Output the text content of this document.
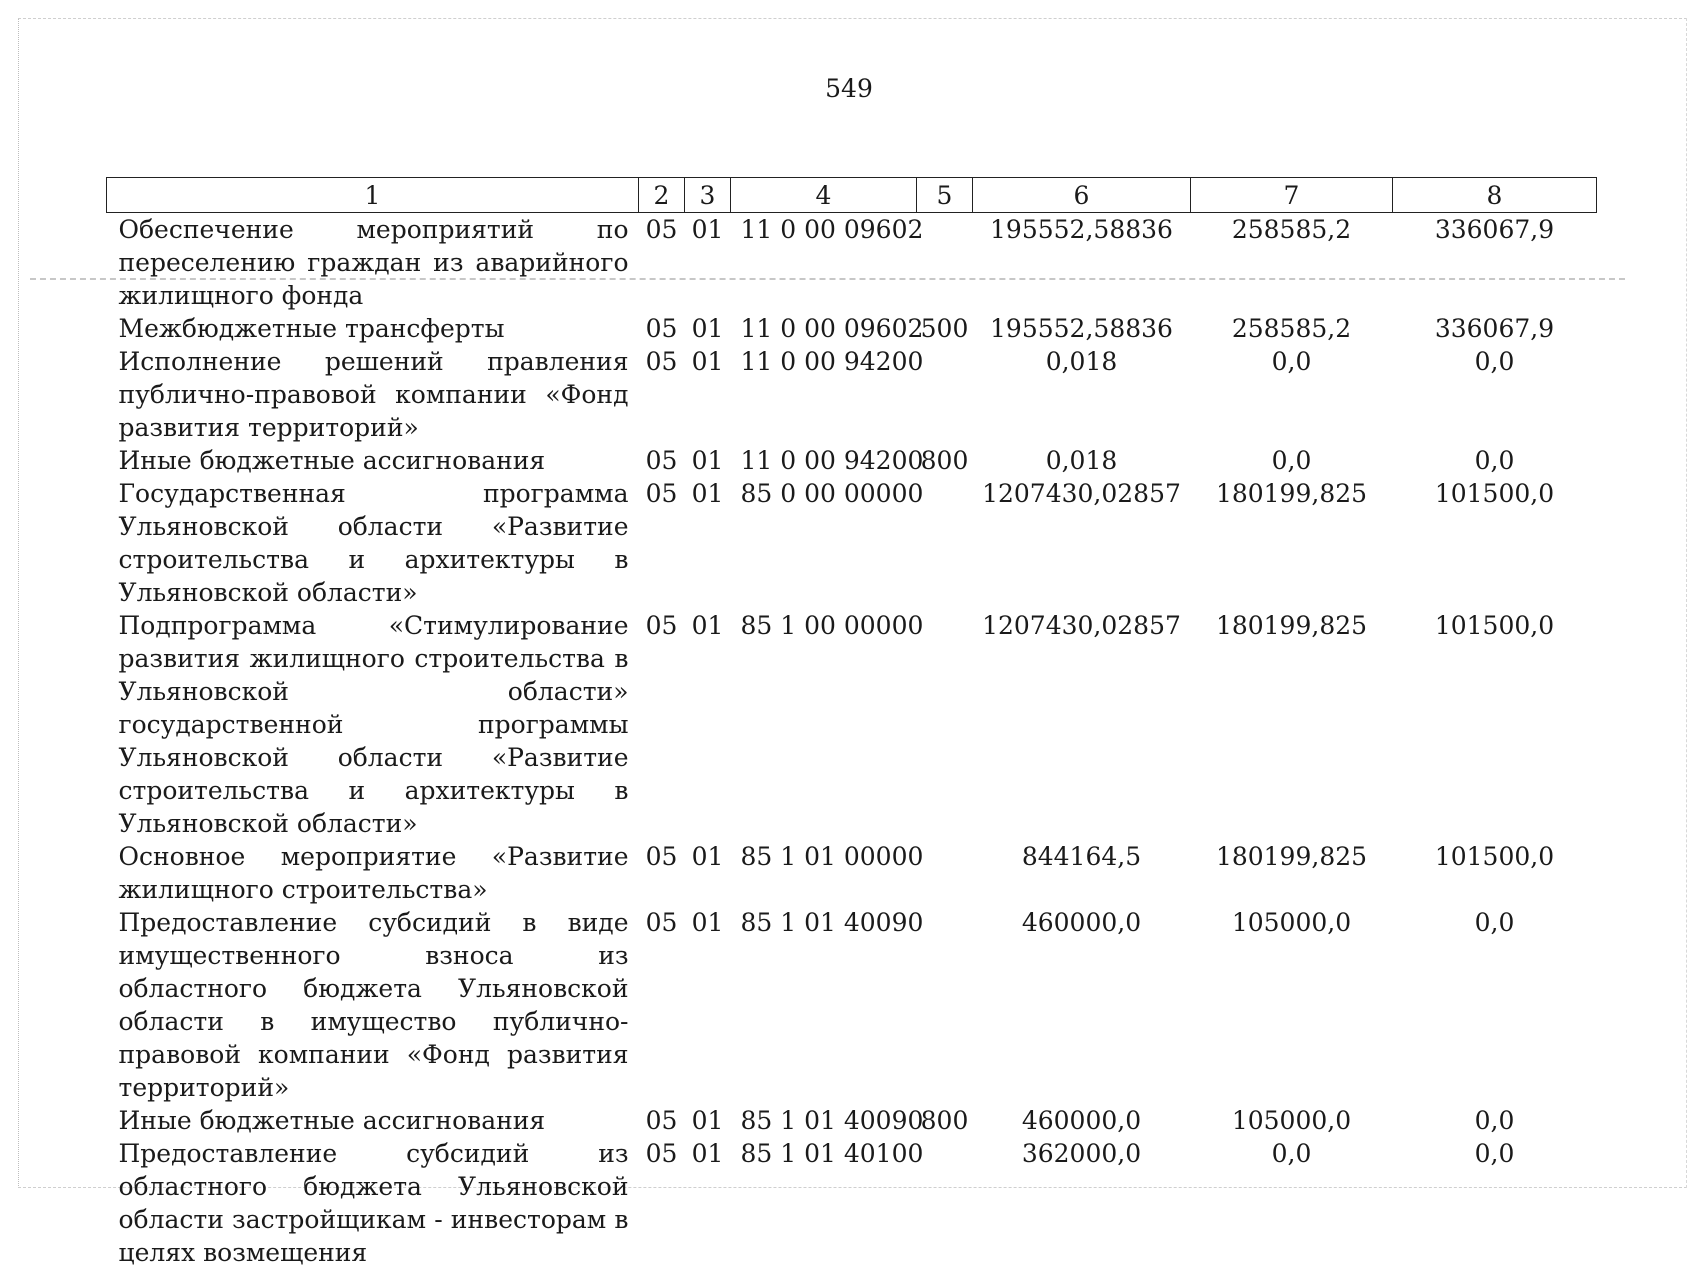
549
1	2	3	4	5	6	7	8
Обеспечение мероприятий по переселению граждан из аварийного жилищного фонда	05	01	11 0 00 09602		195552,58836	258585,2	336067,9
Межбюджетные трансферты	05	01	11 0 00 09602	500	195552,58836	258585,2	336067,9
Исполнение решений правления публично-правовой компании «Фонд развития территорий»	05	01	11 0 00 94200		0,018	0,0	0,0
Иные бюджетные ассигнования	05	01	11 0 00 94200	800	0,018	0,0	0,0
Государственная программа Ульяновской области «Развитие строительства и архитектуры в Ульяновской области»	05	01	85 0 00 00000		1207430,02857	180199,825	101500,0
Подпрограмма «Стимулирование развития жилищного строительства в Ульяновской области» государственной программы Ульяновской области «Развитие строительства и архитектуры в Ульяновской области»	05	01	85 1 00 00000		1207430,02857	180199,825	101500,0
Основное мероприятие «Развитие жилищного строительства»	05	01	85 1 01 00000		844164,5	180199,825	101500,0
Предоставление субсидий в виде имущественного взноса из областного бюджета Ульяновской области в имущество публично-правовой компании «Фонд развития территорий»	05	01	85 1 01 40090		460000,0	105000,0	0,0
Иные бюджетные ассигнования	05	01	85 1 01 40090	800	460000,0	105000,0	0,0
Предоставление субсидий из областного бюджета Ульяновской области застройщикам - инвесторам в целях возмещения	05	01	85 1 01 40100		362000,0	0,0	0,0
